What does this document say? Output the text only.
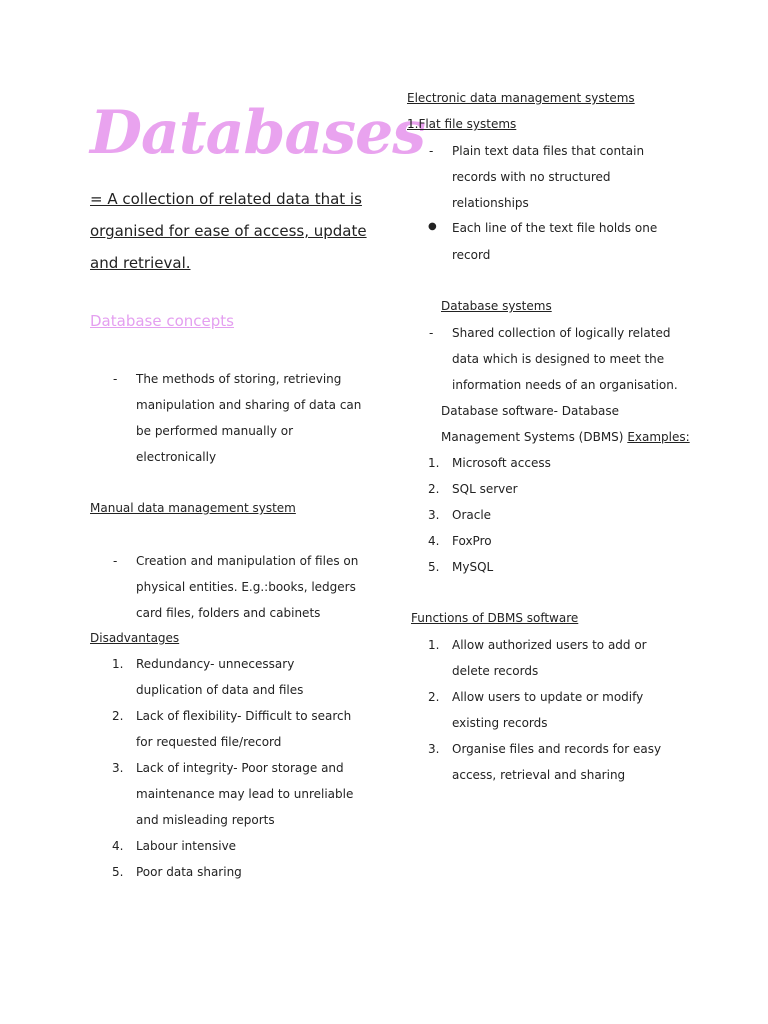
Databases
= A collection of related data that is
organised for ease of access, update
and retrieval.
Database concepts
- The methods of storing, retrieving
manipulation and sharing of data can
be performed manually or
electronically
Manual data management system
- Creation and manipulation of files on
physical entities. E.g.:books, ledgers
card files, folders and cabinets
Disadvantages
1. Redundancy- unnecessary
duplication of data and files
2. Lack of flexibility- Difficult to search
for requested file/record
3. Lack of integrity- Poor storage and
maintenance may lead to unreliable
and misleading reports
4. Labour intensive
5. Poor data sharing
Electronic data management systems
1.Flat file systems
- Plain text data files that contain
records with no structured
relationships
● Each line of the text file holds one
record
Database systems
- Shared collection of logically related
data which is designed to meet the
information needs of an organisation.
Database software- Database
Management Systems (DBMS) Examples:
1. Microsoft access
2. SQL server
3. Oracle
4. FoxPro
5. MySQL
Functions of DBMS software
1. Allow authorized users to add or
delete records
2. Allow users to update or modify
existing records
3. Organise files and records for easy
access, retrieval and sharing
